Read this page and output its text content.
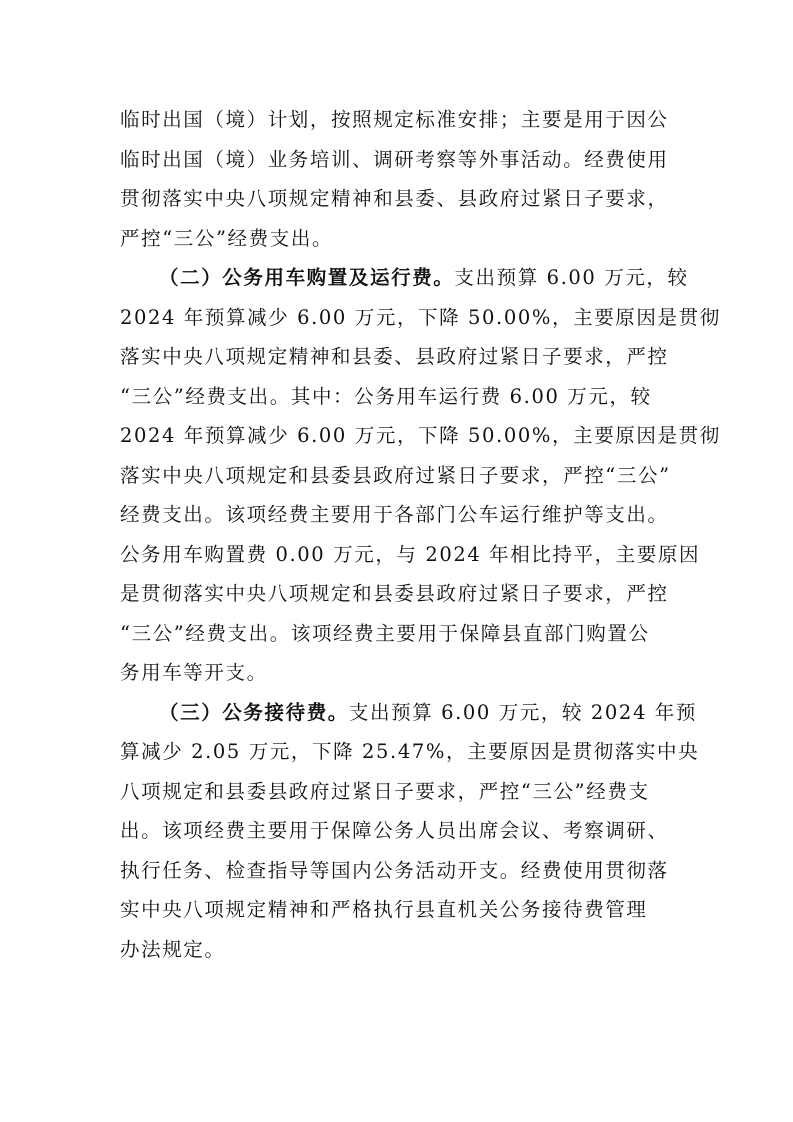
临时出国（境）计划，按照规定标准安排；主要是用于因公
临时出国（境）业务培训、调研考察等外事活动。经费使用
贯彻落实中央八项规定精神和县委、县政府过紧日子要求，
严控“三公”经费支出。
（二）公务用车购置及运行费。支出预算 6.00 万元，较
2024 年预算减少 6.00 万元，下降 50.00%，主要原因是贯彻
落实中央八项规定精神和县委、县政府过紧日子要求，严控
“三公”经费支出。其中：公务用车运行费 6.00 万元，较
2024 年预算减少 6.00 万元，下降 50.00%，主要原因是贯彻
落实中央八项规定和县委县政府过紧日子要求，严控“三公”
经费支出。该项经费主要用于各部门公车运行维护等支出。
公务用车购置费 0.00 万元，与 2024 年相比持平，主要原因
是贯彻落实中央八项规定和县委县政府过紧日子要求，严控
“三公”经费支出。该项经费主要用于保障县直部门购置公
务用车等开支。
（三）公务接待费。支出预算 6.00 万元，较 2024 年预
算减少 2.05 万元，下降 25.47%，主要原因是贯彻落实中央
八项规定和县委县政府过紧日子要求，严控“三公”经费支
出。该项经费主要用于保障公务人员出席会议、考察调研、
执行任务、检查指导等国内公务活动开支。经费使用贯彻落
实中央八项规定精神和严格执行县直机关公务接待费管理
办法规定。
